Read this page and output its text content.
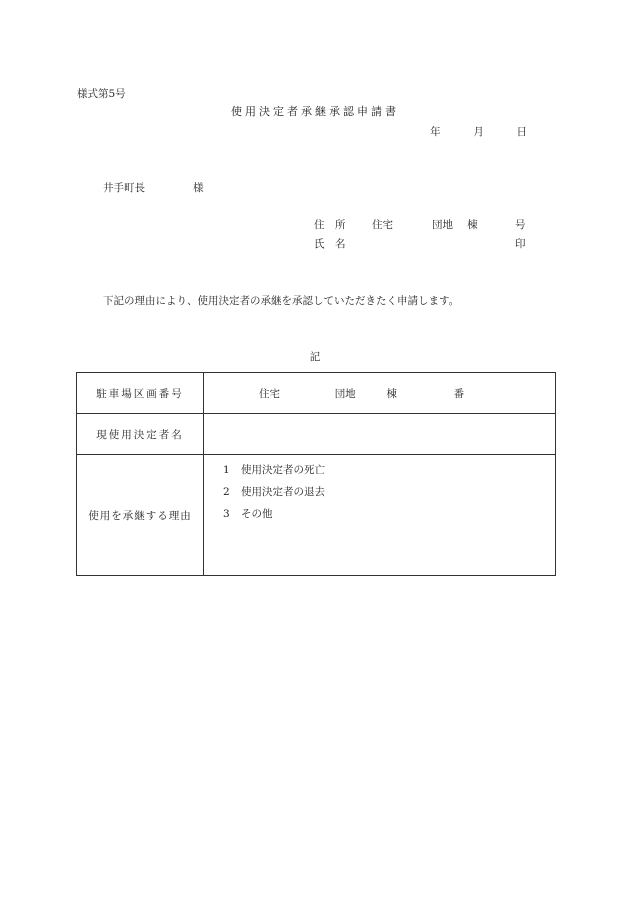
様式第5号
使用決定者承継承認申請書
年	月	日
井手町長	様
住　所	住宅	団地 棟	号
氏　名	印
下記の理由により、使用決定者の承継を承認していただきたく申請します。
記
駐車場区画番号	住宅 団地 棟 番
現使用決定者名	
使用を承継する理由	1 使用決定者の死亡
2 使用決定者の退去
3 その他
